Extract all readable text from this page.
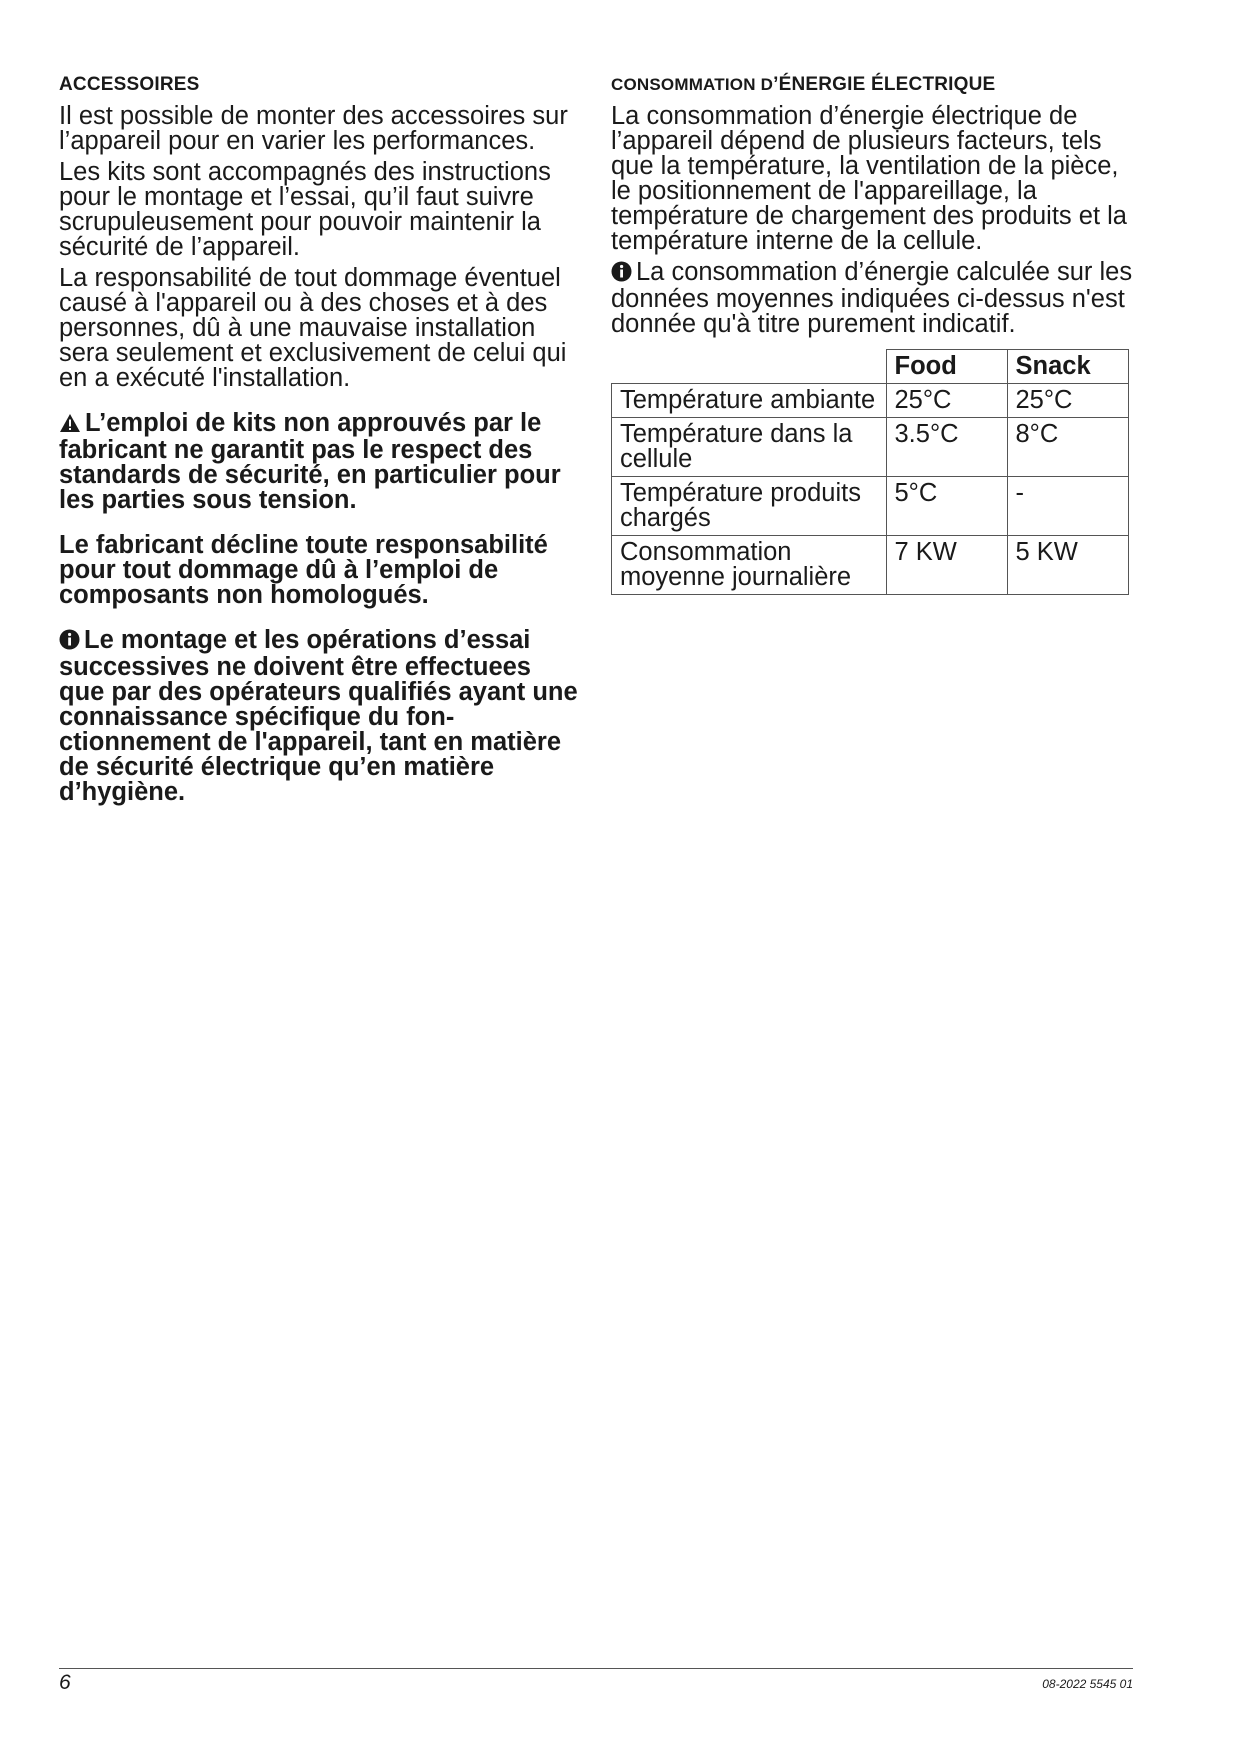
ACCESSOIRES

Il est possible de monter des accessoires sur l’appareil pour en varier les performances.

Les kits sont accompagnés des instructions pour le montage et l’essai, qu’il faut suivre scrupuleusement pour pouvoir maintenir la sécurité de l’appareil.

La responsabilité de tout dommage éventuel causé à l'appareil ou à des choses et à des personnes, dû à une mauvaise installation sera seulement et exclusivement de celui qui en a exécuté l'installation.

L’emploi de kits non approuvés par le fabricant ne garantit pas le respect des standards de sécurité, en particulier pour les parties sous tension.

Le fabricant décline toute responsabilité pour tout dommage dû à l’emploi de composants non homologués.

Le montage et les opérations d’essai successives ne doivent être effectuees que par des opérateurs qualifiés ayant une connaissance spécifique du fonctionnement de l'appareil, tant en matière de sécurité électrique qu’en matière d’hygiène.

CONSOMMATION D’ÉNERGIE ÉLECTRIQUE

La consommation d’énergie électrique de l’appareil dépend de plusieurs facteurs, tels que la température, la ventilation de la pièce, le positionnement de l'appareillage, la température de chargement des produits et la température interne de la cellule.

La consommation d’énergie calculée sur les données moyennes indiquées ci-dessus n'est donnée qu'à titre purement indicatif.

	Food	Snack
Température ambiante	25°C	25°C
Température dans la cellule	3.5°C	8°C
Température produits chargés	5°C	-
Consommation moyenne journalière	7 KW	5 KW
6	08-2022 5545 01
